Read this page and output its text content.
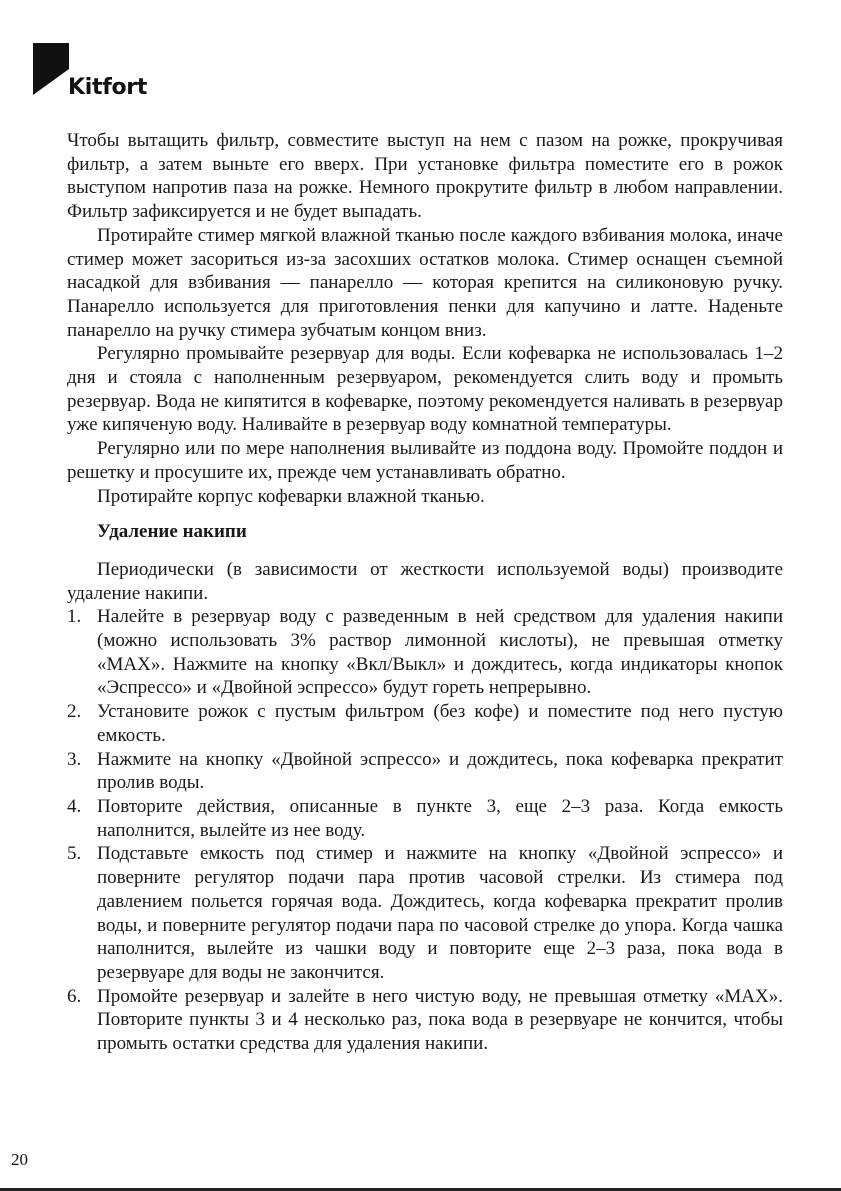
Kitfort

Чтобы вытащить фильтр, совместите выступ на нем с пазом на рожке, прокручивая фильтр, а затем выньте его вверх. При установке фильтра поместите его в рожок выступом напротив паза на рожке. Немного прокрутите фильтр в любом направлении. Фильтр зафиксируется и не будет выпадать.

Протирайте стимер мягкой влажной тканью после каждого взбивания молока, иначе стимер может засориться из-за засохших остатков молока. Стимер оснащен съемной насадкой для взбивания — панарелло — которая крепится на силиконовую ручку. Панарелло используется для приготовления пенки для капучино и латте. Наденьте панарелло на ручку стимера зубчатым концом вниз.

Регулярно промывайте резервуар для воды. Если кофеварка не использовалась 1–2 дня и стояла с наполненным резервуаром, рекомендуется слить воду и промыть резервуар. Вода не кипятится в кофеварке, поэтому рекомендуется наливать в резервуар уже кипяченую воду. Наливайте в резервуар воду комнатной температуры.

Регулярно или по мере наполнения выливайте из поддона воду. Промойте поддон и решетку и просушите их, прежде чем устанавливать обратно.

Протирайте корпус кофеварки влажной тканью.

Удаление накипи

Периодически (в зависимости от жесткости используемой воды) производите удаление накипи.

1. Налейте в резервуар воду с разведенным в ней средством для удаления накипи (можно использовать 3% раствор лимонной кислоты), не превышая отметку «MAX». Нажмите на кнопку «Вкл/Выкл» и дождитесь, когда индикаторы кнопок «Эспрессо» и «Двойной эспрессо» будут гореть непрерывно.
2. Установите рожок с пустым фильтром (без кофе) и поместите под него пустую емкость.
3. Нажмите на кнопку «Двойной эспрессо» и дождитесь, пока кофеварка прекратит пролив воды.
4. Повторите действия, описанные в пункте 3, еще 2–3 раза. Когда емкость наполнится, вылейте из нее воду.
5. Подставьте емкость под стимер и нажмите на кнопку «Двойной эспрессо» и поверните регулятор подачи пара против часовой стрелки. Из стимера под давлением польется горячая вода. Дождитесь, когда кофеварка прекратит пролив воды, и поверните регулятор подачи пара по часовой стрелке до упора. Когда чашка наполнится, вылейте из чашки воду и повторите еще 2–3 раза, пока вода в резервуаре для воды не закончится.
6. Промойте резервуар и залейте в него чистую воду, не превышая отметку «MAX». Повторите пункты 3 и 4 несколько раз, пока вода в резервуаре не кончится, чтобы промыть остатки средства для удаления накипи.
20
